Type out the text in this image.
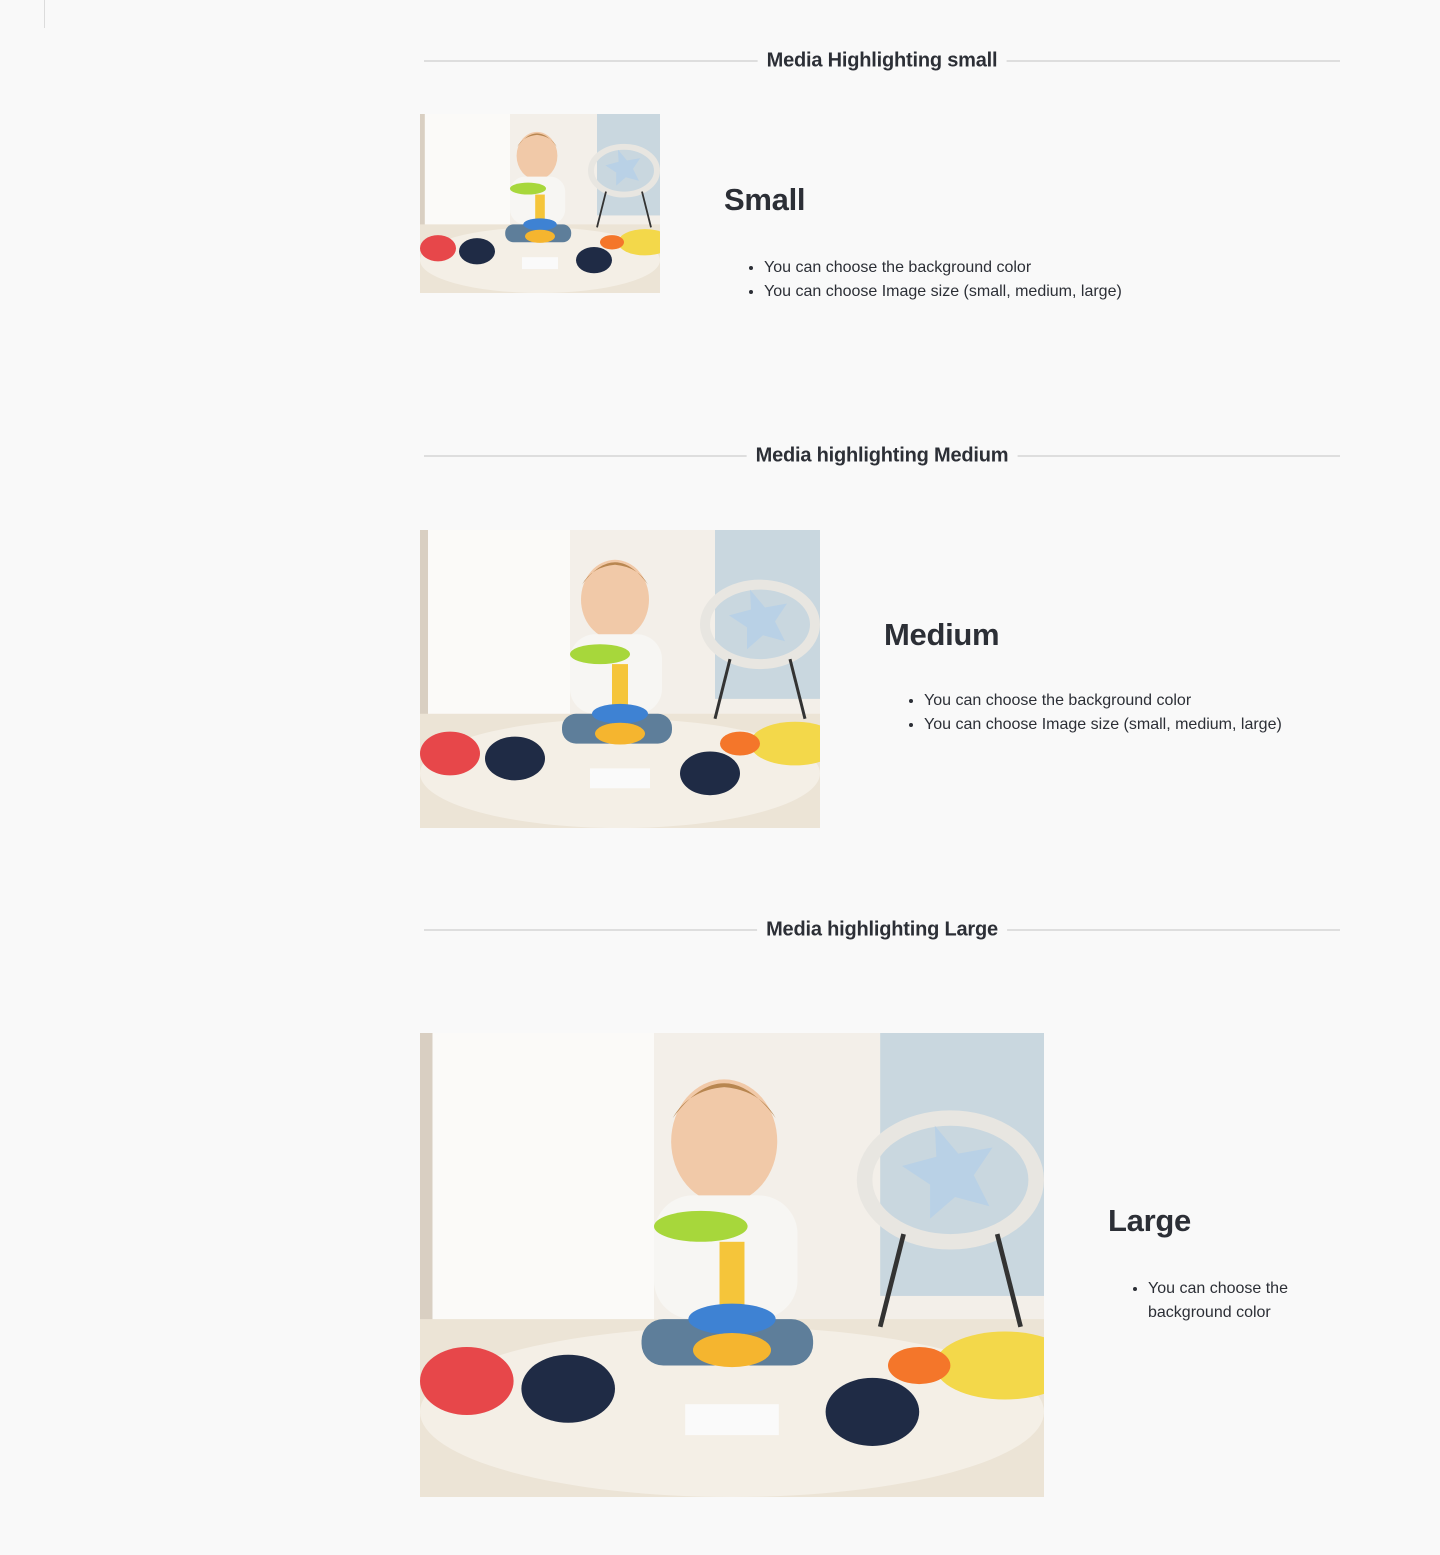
Media Highlighting small
Small
• You can choose the background color
• You can choose Image size (small, medium, large)
Media highlighting Medium
Medium
• You can choose the background color
• You can choose Image size (small, medium, large)
Media highlighting Large
Large
• You can choose the background color
